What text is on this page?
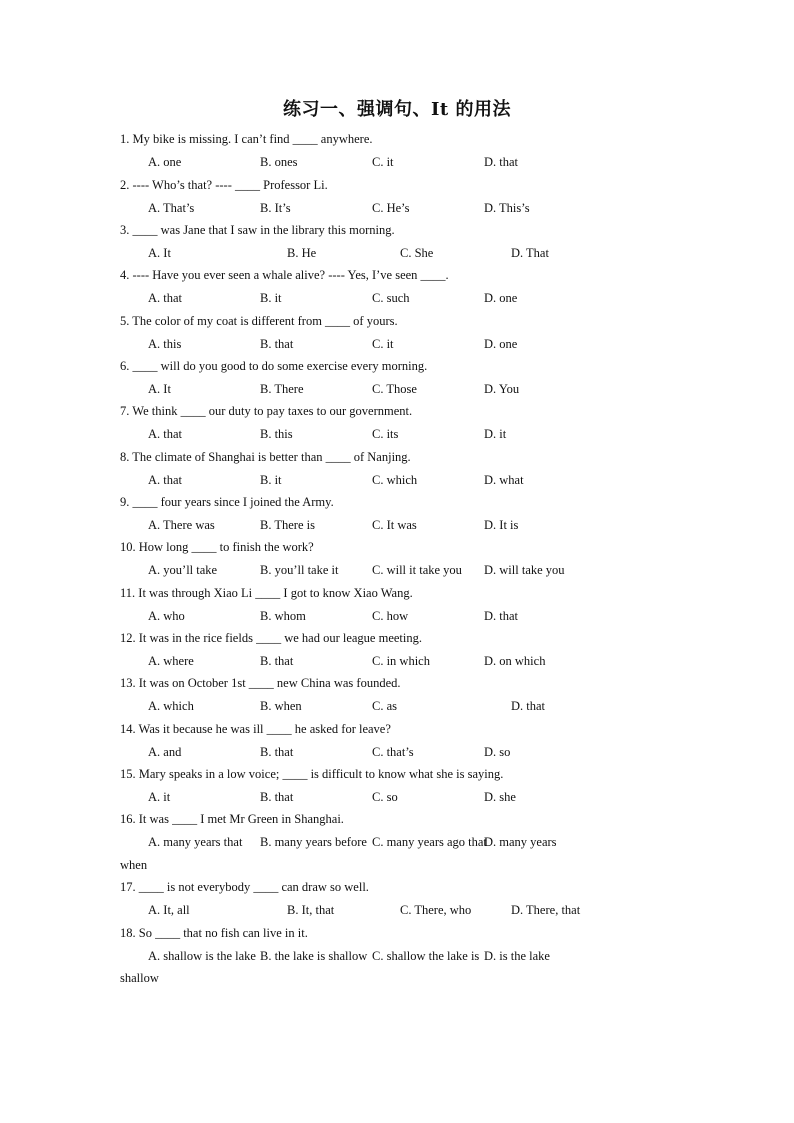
练习一、强调句、It 的用法
1. My bike is missing. I can’t find ____ anywhere.
A. one	B. ones	C. it	D. that
2. ---- Who’s that? ---- ____ Professor Li.
A. That’s	B. It’s	C. He’s	D. This’s
3. ____ was Jane that I saw in the library this morning.
A. It	B. He	C. She	D. That
4. ---- Have you ever seen a whale alive? ---- Yes, I’ve seen ____.
A. that	B. it	C. such	D. one
5. The color of my coat is different from ____ of yours.
A. this	B. that	C. it	D. one
6. ____ will do you good to do some exercise every morning.
A. It	B. There	C. Those	D. You
7. We think ____ our duty to pay taxes to our government.
A. that	B. this	C. its	D. it
8. The climate of Shanghai is better than ____ of Nanjing.
A. that	B. it	C. which	D. what
9. ____ four years since I joined the Army.
A. There was	B. There is	C. It was	D. It is
10. How long ____ to finish the work?
A. you’ll take	B. you’ll take it	C. will it take you D. will take you
11. It was through Xiao Li ____ I got to know Xiao Wang.
A. who	B. whom	C. how	D. that
12. It was in the rice fields ____ we had our league meeting.
A. where	B. that	C. in which	D. on which
13. It was on October 1st ____ new China was founded.
A. which	B. when	C. as	D. that
14. Was it because he was ill ____ he asked for leave?
A. and	B. that	C. that’s	D. so
15. Mary speaks in a low voice; ____ is difficult to know what she is saying.
A. it	B. that	C. so	D. she
16. It was ____ I met Mr Green in Shanghai.
A. many years that B. many years before C. many years ago that
D. many years
when
17. ____ is not everybody ____ can draw so well.
A. It, all	B. It, that	C. There, who	D. There, that
18. So ____ that no fish can live in it.
A. shallow is the lake B. the lake is shallow C. shallow the lake is D. is the lake
shallow
